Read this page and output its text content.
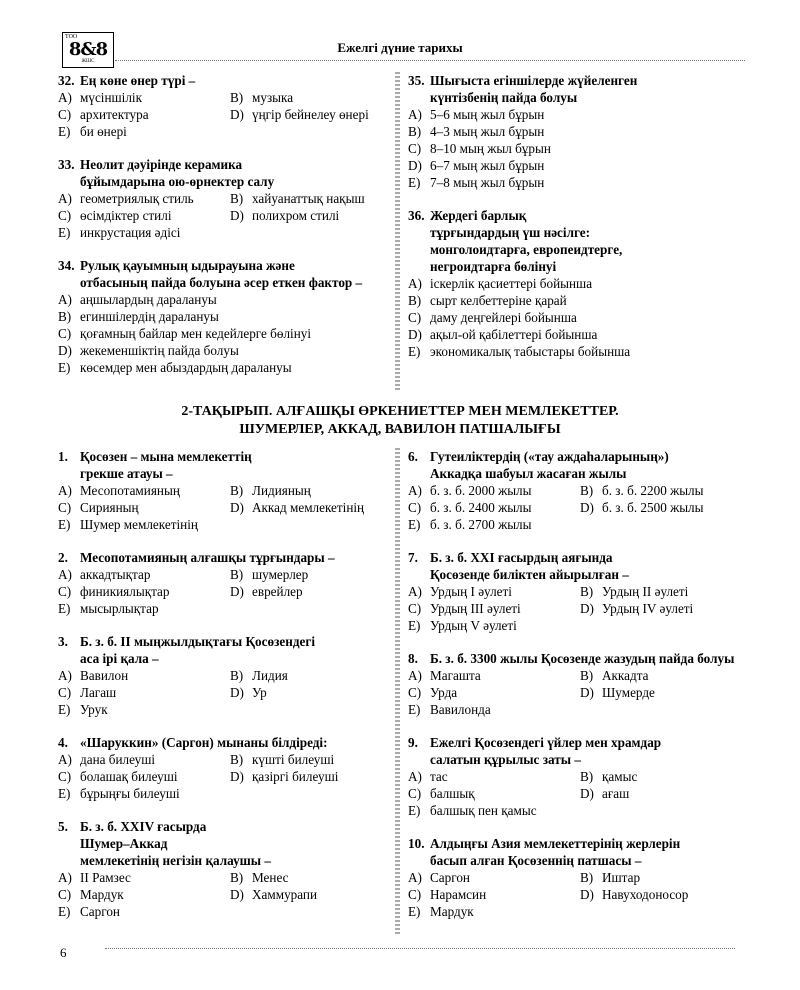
ТОО
8&8
ЖШС
Ежелгі дүние тарихы
32. Ең көне өнер түрі –
A) мүсіншілік	B) музыка
C) архитектура	D) үңгір бейнелеу өнері
E) би өнері
33. Неолит дәуірінде керамика
бұйымдарына ою-өрнектер салу
A) геометриялық стиль	B) хайуанаттық нақыш
C) өсімдіктер стилі	D) полихром стилі
E) инкрустация әдісі
34. Рулық қауымның ыдырауына және
отбасының пайда болуына әсер еткен фактор –
A) аңшылардың даралануы
B) егиншілердің даралануы
C) қоғамның байлар мен кедейлерге бөлінуі
D) жекеменшіктің пайда болуы
E) көсемдер мен абыздардың даралануы
35. Шығыста егіншілерде жүйеленген
күнтізбенің пайда болуы
A) 5–6 мың жыл бұрын
B) 4–3 мың жыл бұрын
C) 8–10 мың жыл бұрын
D) 6–7 мың жыл бұрын
E) 7–8 мың жыл бұрын
36. Жердегі барлық
тұрғындардың үш нәсілге:
монголоидтарға, европеидтерге,
негроидтарға бөлінуі
A) іскерлік қасиеттері бойынша
B) сырт келбеттеріне қарай
C) даму деңгейлері бойынша
D) ақыл-ой қабілеттері бойынша
E) экономикалық табыстары бойынша
2-ТАҚЫРЫП. АЛҒАШҚЫ ӨРКЕНИЕТТЕР МЕН МЕМЛЕКЕТТЕР.
ШУМЕРЛЕР, АККАД, ВАВИЛОН ПАТШАЛЫҒЫ
1. Қосөзен – мына мемлекеттің
грекше атауы –
A) Месопотамияның	B) Лидияның
C) Сирияның	D) Аккад мемлекетінің
E) Шумер мемлекетінің
2. Месопотамияның алғашқы тұрғындары –
A) аккадтықтар	B) шумерлер
C) финикиялықтар	D) еврейлер
E) мысырлықтар
3. Б. з. б. II мыңжылдықтағы Қосөзендегі
аса ірі қала –
A) Вавилон	B) Лидия
C) Лагаш	D) Ур
E) Урук
4. «Шаруккин» (Саргон) мынаны білдіреді:
A) дана билеуші	B) күшті билеуші
C) болашақ билеуші	D) қазіргі билеуші
E) бұрыңғы билеуші
5. Б. з. б. XXIV ғасырда
Шумер–Аккад
мемлекетінің негізін қалаушы –
A) II Рамзес	B) Менес
C) Мардук	D) Хаммурапи
E) Саргон
6. Гутеиліктердің («тау аждаһаларының»)
Аккадқа шабуыл жасаған жылы
A) б. з. б. 2000 жылы	B) б. з. б. 2200 жылы
C) б. з. б. 2400 жылы	D) б. з. б. 2500 жылы
E) б. з. б. 2700 жылы
7. Б. з. б. XXI ғасырдың аяғында
Қосөзенде биліктен айырылған –
A) Урдың I әулеті	B) Урдың II әулеті
C) Урдың III әулеті	D) Урдың IV әулеті
E) Урдың V әулеті
8. Б. з. б. 3300 жылы Қосөзенде жазудың пайда болуы
A) Магашта	B) Аккадта
C) Урда	D) Шумерде
E) Вавилонда
9. Ежелгі Қосөзендегі үйлер мен храмдар
салатын құрылыс заты –
A) тас	B) қамыс
C) балшық	D) ағаш
E) балшық пен қамыс
10. Алдыңғы Азия мемлекеттерінің жерлерін
басып алған Қосөзеннің патшасы –
A) Саргон	B) Иштар
C) Нарамсин	D) Навуходоносор
E) Мардук
6
